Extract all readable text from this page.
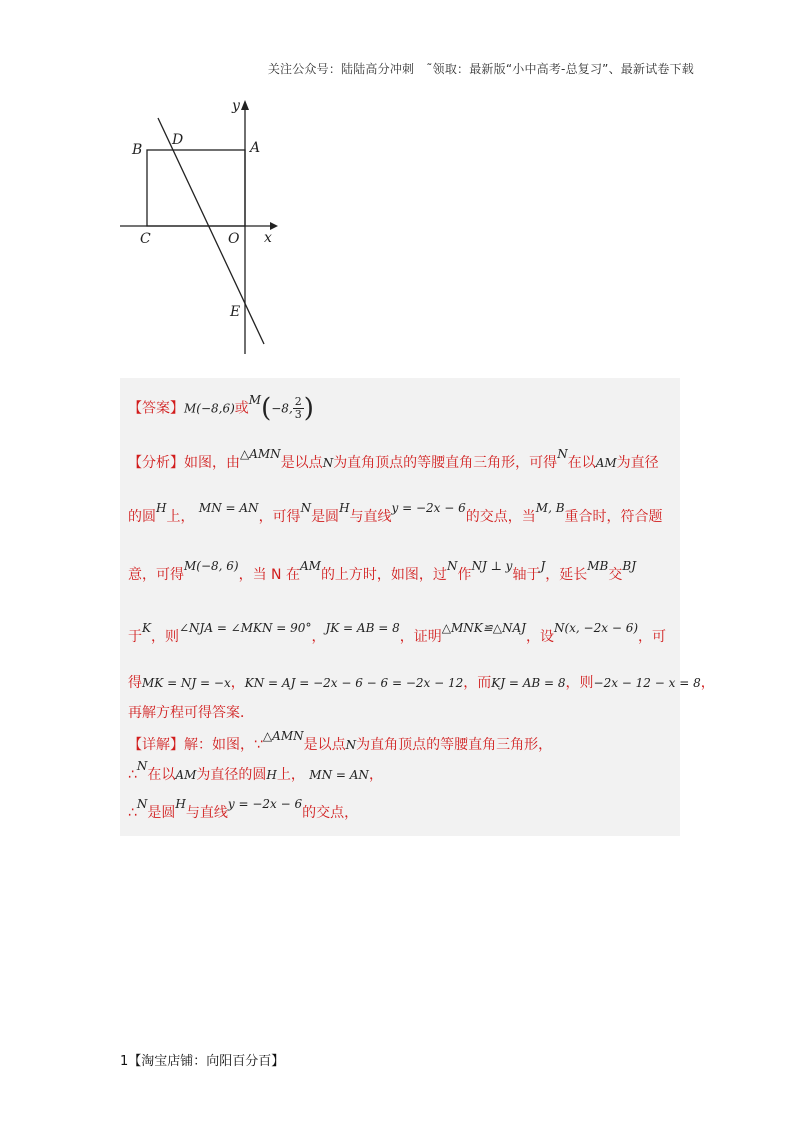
关注公众号：陆陆高分冲刺　˜领取：最新版“小中高考-总复习”、最新试卷下载
y
x
B
D	A
C	O
E
【答案】M(−8,6)或M(−8, $\frac{2}{3}$ )
【分析】如图，由△AMN是以点N为直角顶点的等腰直角三角形，可得N在以AM为直径
的圆H上， MN = AN，可得N是圆H与直线y = −2x − 6的交点，当M, B重合时，符合题
意，可得M(−8, 6)，当 N 在AM的上方时，如图，过N作NJ ⊥ y轴于J，延长MB交BJ
于K，则∠NJA = ∠MKN = 90°，JK = AB = 8，证明△MNK≌△NAJ，设N(x, −2x − 6)，可
得MK = NJ = −x，KN = AJ = −2x − 6 − 6 = −2x − 12，而KJ = AB = 8，则−2x − 12 − x = 8，
再解方程可得答案．
【详解】解：如图，∵△AMN是以点N为直角顶点的等腰直角三角形，
∴N在以AM为直径的圆H上， MN = AN，
∴N是圆H与直线y = −2x − 6的交点，
1【淘宝店铺：向阳百分百】
